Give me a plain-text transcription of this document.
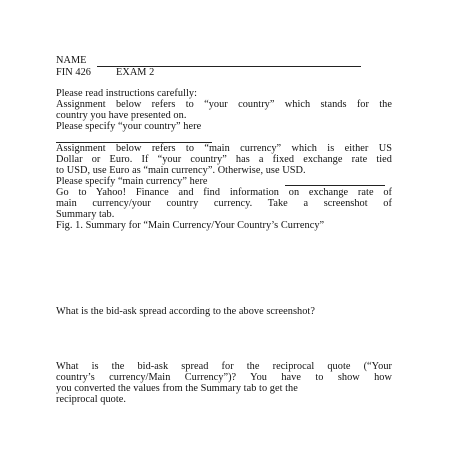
NAME
FIN 426 EXAM 2
Please read instructions carefully:
Assignment below refers to “your country” which stands for the
country you have presented on.
Please specify “your country” here
Assignment below refers to “main currency” which is either US
Dollar or Euro. If “your country” has a fixed exchange rate tied
to USD, use Euro as “main currency”. Otherwise, use USD.
Please specify “main currency” here
Go to Yahoo! Finance and find information on exchange rate of
main currency/your country currency. Take a screenshot of
Summary tab.
Fig. 1. Summary for “Main Currency/Your Country’s Currency”
What is the bid-ask spread according to the above screenshot?
What is the bid-ask spread for the reciprocal quote (“Your
country’s currency/Main Currency”)? You have to show how
you converted the values from the Summary tab to get the
reciprocal quote.
